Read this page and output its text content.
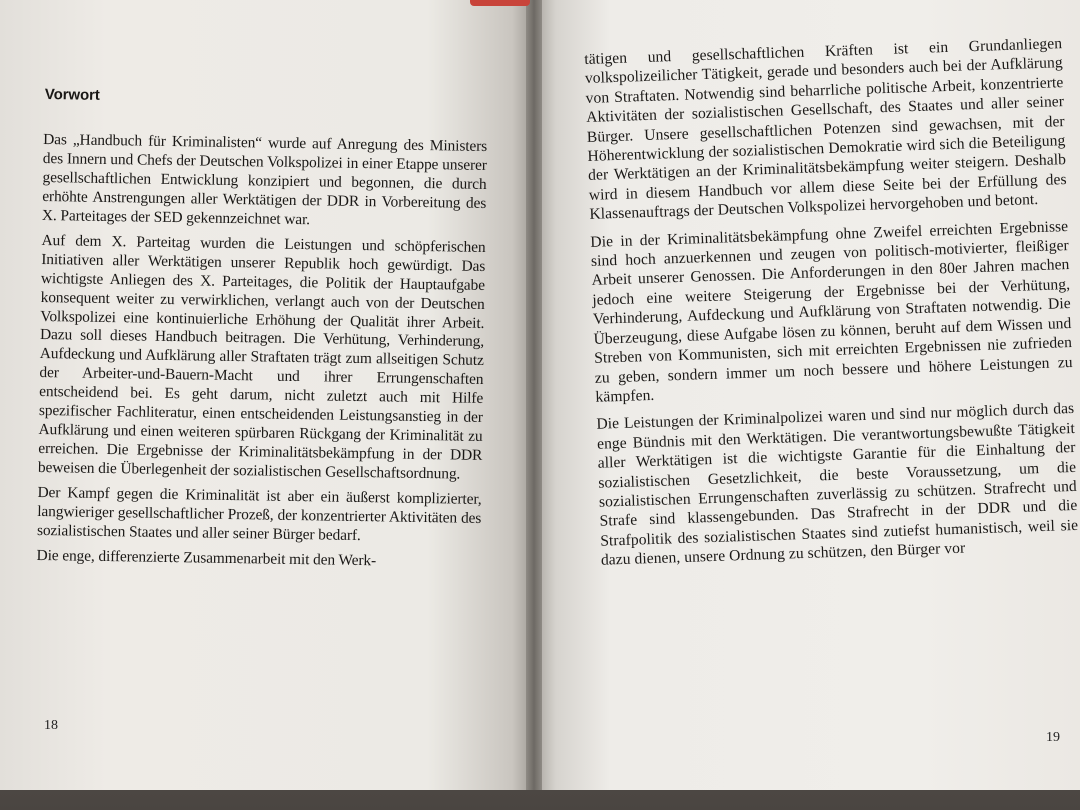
Vorwort

Das „Handbuch für Kriminalisten“ wurde auf Anregung des Ministers des Innern und Chefs der Deutschen Volkspolizei in einer Etappe unserer gesellschaftlichen Entwicklung konzipiert und begonnen, die durch erhöhte Anstrengungen aller Werktätigen der DDR in Vorbereitung des X. Parteitages der SED gekennzeichnet war.

Auf dem X. Parteitag wurden die Leistungen und schöpferischen Initiativen aller Werktätigen unserer Republik hoch gewürdigt. Das wichtigste Anliegen des X. Parteitages, die Politik der Hauptaufgabe konsequent weiter zu verwirklichen, verlangt auch von der Deutschen Volkspolizei eine kontinuierliche Erhöhung der Qualität ihrer Arbeit. Dazu soll dieses Handbuch beitragen. Die Verhütung, Verhinderung, Aufdeckung und Aufklärung aller Straftaten trägt zum allseitigen Schutz der Arbeiter-und-Bauern-Macht und ihrer Errungenschaften entscheidend bei. Es geht darum, nicht zuletzt auch mit Hilfe spezifischer Fachliteratur, einen entscheidenden Leistungsanstieg in der Aufklärung und einen weiteren spürbaren Rückgang der Kriminalität zu erreichen. Die Ergebnisse der Kriminalitätsbekämpfung in der DDR beweisen die Überlegenheit der sozialistischen Gesellschaftsordnung.

Der Kampf gegen die Kriminalität ist aber ein äußerst komplizierter, langwieriger gesellschaftlicher Prozeß, der konzentrierter Aktivitäten des sozialistischen Staates und aller seiner Bürger bedarf.

Die enge, differenzierte Zusammenarbeit mit den Werk-

tätigen und gesellschaftlichen Kräften ist ein Grundanliegen volkspolizeilicher Tätigkeit, gerade und besonders auch bei der Aufklärung von Straftaten. Notwendig sind beharrliche politische Arbeit, konzentrierte Aktivitäten der sozialistischen Gesellschaft, des Staates und aller seiner Bürger. Unsere gesellschaftlichen Potenzen sind gewachsen, mit der Höherentwicklung der sozialistischen Demokratie wird sich die Beteiligung der Werktätigen an der Kriminalitätsbekämpfung weiter steigern. Deshalb wird in diesem Handbuch vor allem diese Seite bei der Erfüllung des Klassenauftrags der Deutschen Volkspolizei hervorgehoben und betont.

Die in der Kriminalitätsbekämpfung ohne Zweifel erreichten Ergebnisse sind hoch anzuerkennen und zeugen von politisch-motivierter, fleißiger Arbeit unserer Genossen. Die Anforderungen in den 80er Jahren machen jedoch eine weitere Steigerung der Ergebnisse bei der Verhütung, Verhinderung, Aufdeckung und Aufklärung von Straftaten notwendig. Die Überzeugung, diese Aufgabe lösen zu können, beruht auf dem Wissen und Streben von Kommunisten, sich mit erreichten Ergebnissen nie zufrieden zu geben, sondern immer um noch bessere und höhere Leistungen zu kämpfen.

Die Leistungen der Kriminalpolizei waren und sind nur möglich durch das enge Bündnis mit den Werktätigen. Die verantwortungsbewußte Tätigkeit aller Werktätigen ist die wichtigste Garantie für die Einhaltung der sozialistischen Gesetzlichkeit, die beste Voraussetzung, um die sozialistischen Errungenschaften zuverlässig zu schützen. Strafrecht und Strafe sind klassengebunden. Das Strafrecht in der DDR und die Strafpolitik des sozialistischen Staates sind zutiefst humanistisch, weil sie dazu dienen, unsere Ordnung zu schützen, den Bürger vor

18
19
